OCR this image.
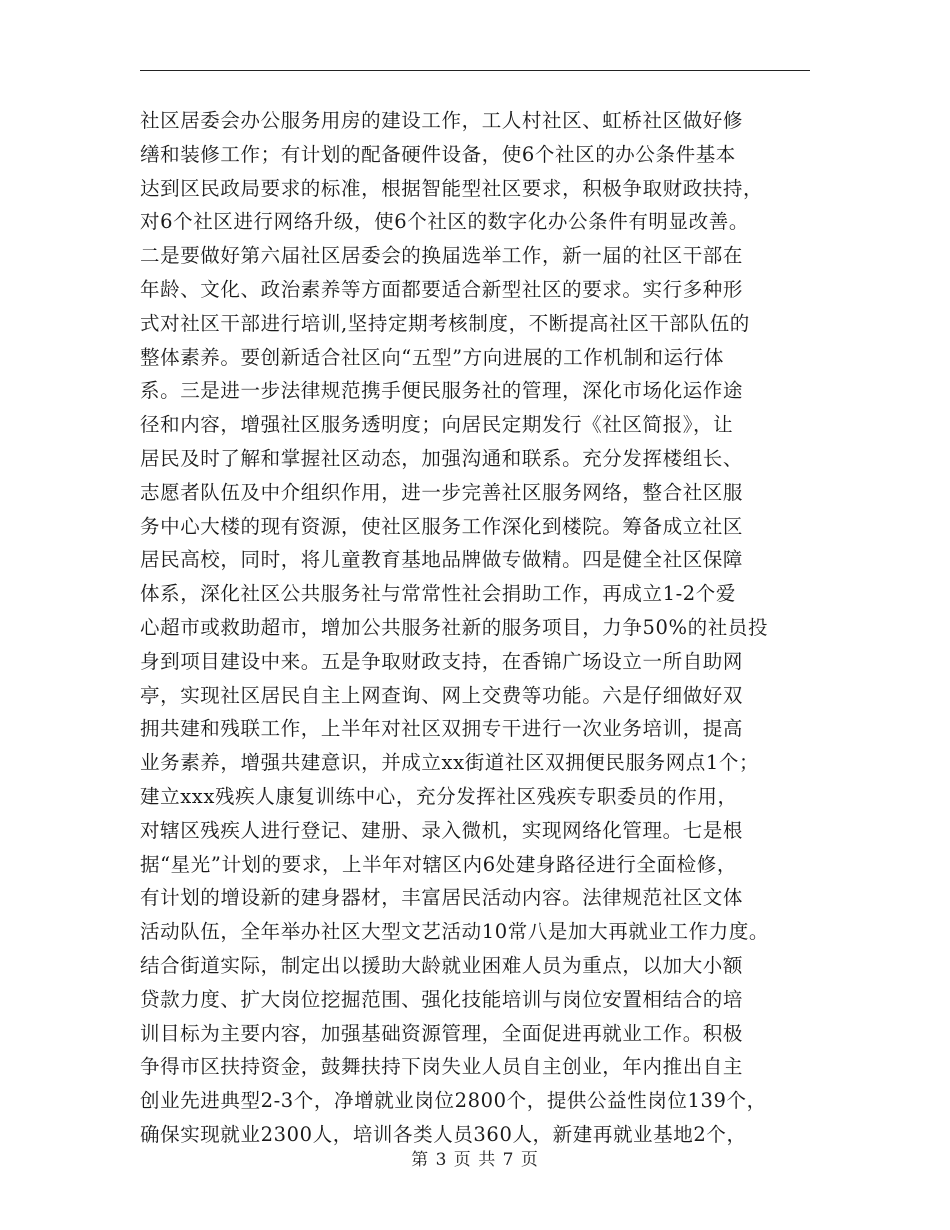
社区居委会办公服务用房的建设工作，工人村社区、虹桥社区做好修
缮和装修工作；有计划的配备硬件设备，使6个社区的办公条件基本
达到区民政局要求的标准，根据智能型社区要求，积极争取财政扶持，
对6个社区进行网络升级，使6个社区的数字化办公条件有明显改善。
二是要做好第六届社区居委会的换届选举工作，新一届的社区干部在
年龄、文化、政治素养等方面都要适合新型社区的要求。实行多种形
式对社区干部进行培训,坚持定期考核制度，不断提高社区干部队伍的
整体素养。要创新适合社区向“五型”方向进展的工作机制和运行体
系。三是进一步法律规范携手便民服务社的管理，深化市场化运作途
径和内容，增强社区服务透明度；向居民定期发行《社区简报》，让
居民及时了解和掌握社区动态，加强沟通和联系。充分发挥楼组长、
志愿者队伍及中介组织作用，进一步完善社区服务网络，整合社区服
务中心大楼的现有资源，使社区服务工作深化到楼院。筹备成立社区
居民高校，同时，将儿童教育基地品牌做专做精。四是健全社区保障
体系，深化社区公共服务社与常常性社会捐助工作，再成立1-2个爱
心超市或救助超市，增加公共服务社新的服务项目，力争50%的社员投
身到项目建设中来。五是争取财政支持，在香锦广场设立一所自助网
亭，实现社区居民自主上网查询、网上交费等功能。六是仔细做好双
拥共建和残联工作，上半年对社区双拥专干进行一次业务培训，提高
业务素养，增强共建意识，并成立xx街道社区双拥便民服务网点1个；
建立xxx残疾人康复训练中心，充分发挥社区残疾专职委员的作用，
对辖区残疾人进行登记、建册、录入微机，实现网络化管理。七是根
据“星光”计划的要求，上半年对辖区内6处建身路径进行全面检修，
有计划的增设新的建身器材，丰富居民活动内容。法律规范社区文体
活动队伍，全年举办社区大型文艺活动10常八是加大再就业工作力度。
结合街道实际，制定出以援助大龄就业困难人员为重点，以加大小额
贷款力度、扩大岗位挖掘范围、强化技能培训与岗位安置相结合的培
训目标为主要内容，加强基础资源管理，全面促进再就业工作。积极
争得市区扶持资金，鼓舞扶持下岗失业人员自主创业，年内推出自主
创业先进典型2-3个，净增就业岗位2800个，提供公益性岗位139个，
确保实现就业2300人，培训各类人员360人，新建再就业基地2个，
第 3 页 共 7 页
